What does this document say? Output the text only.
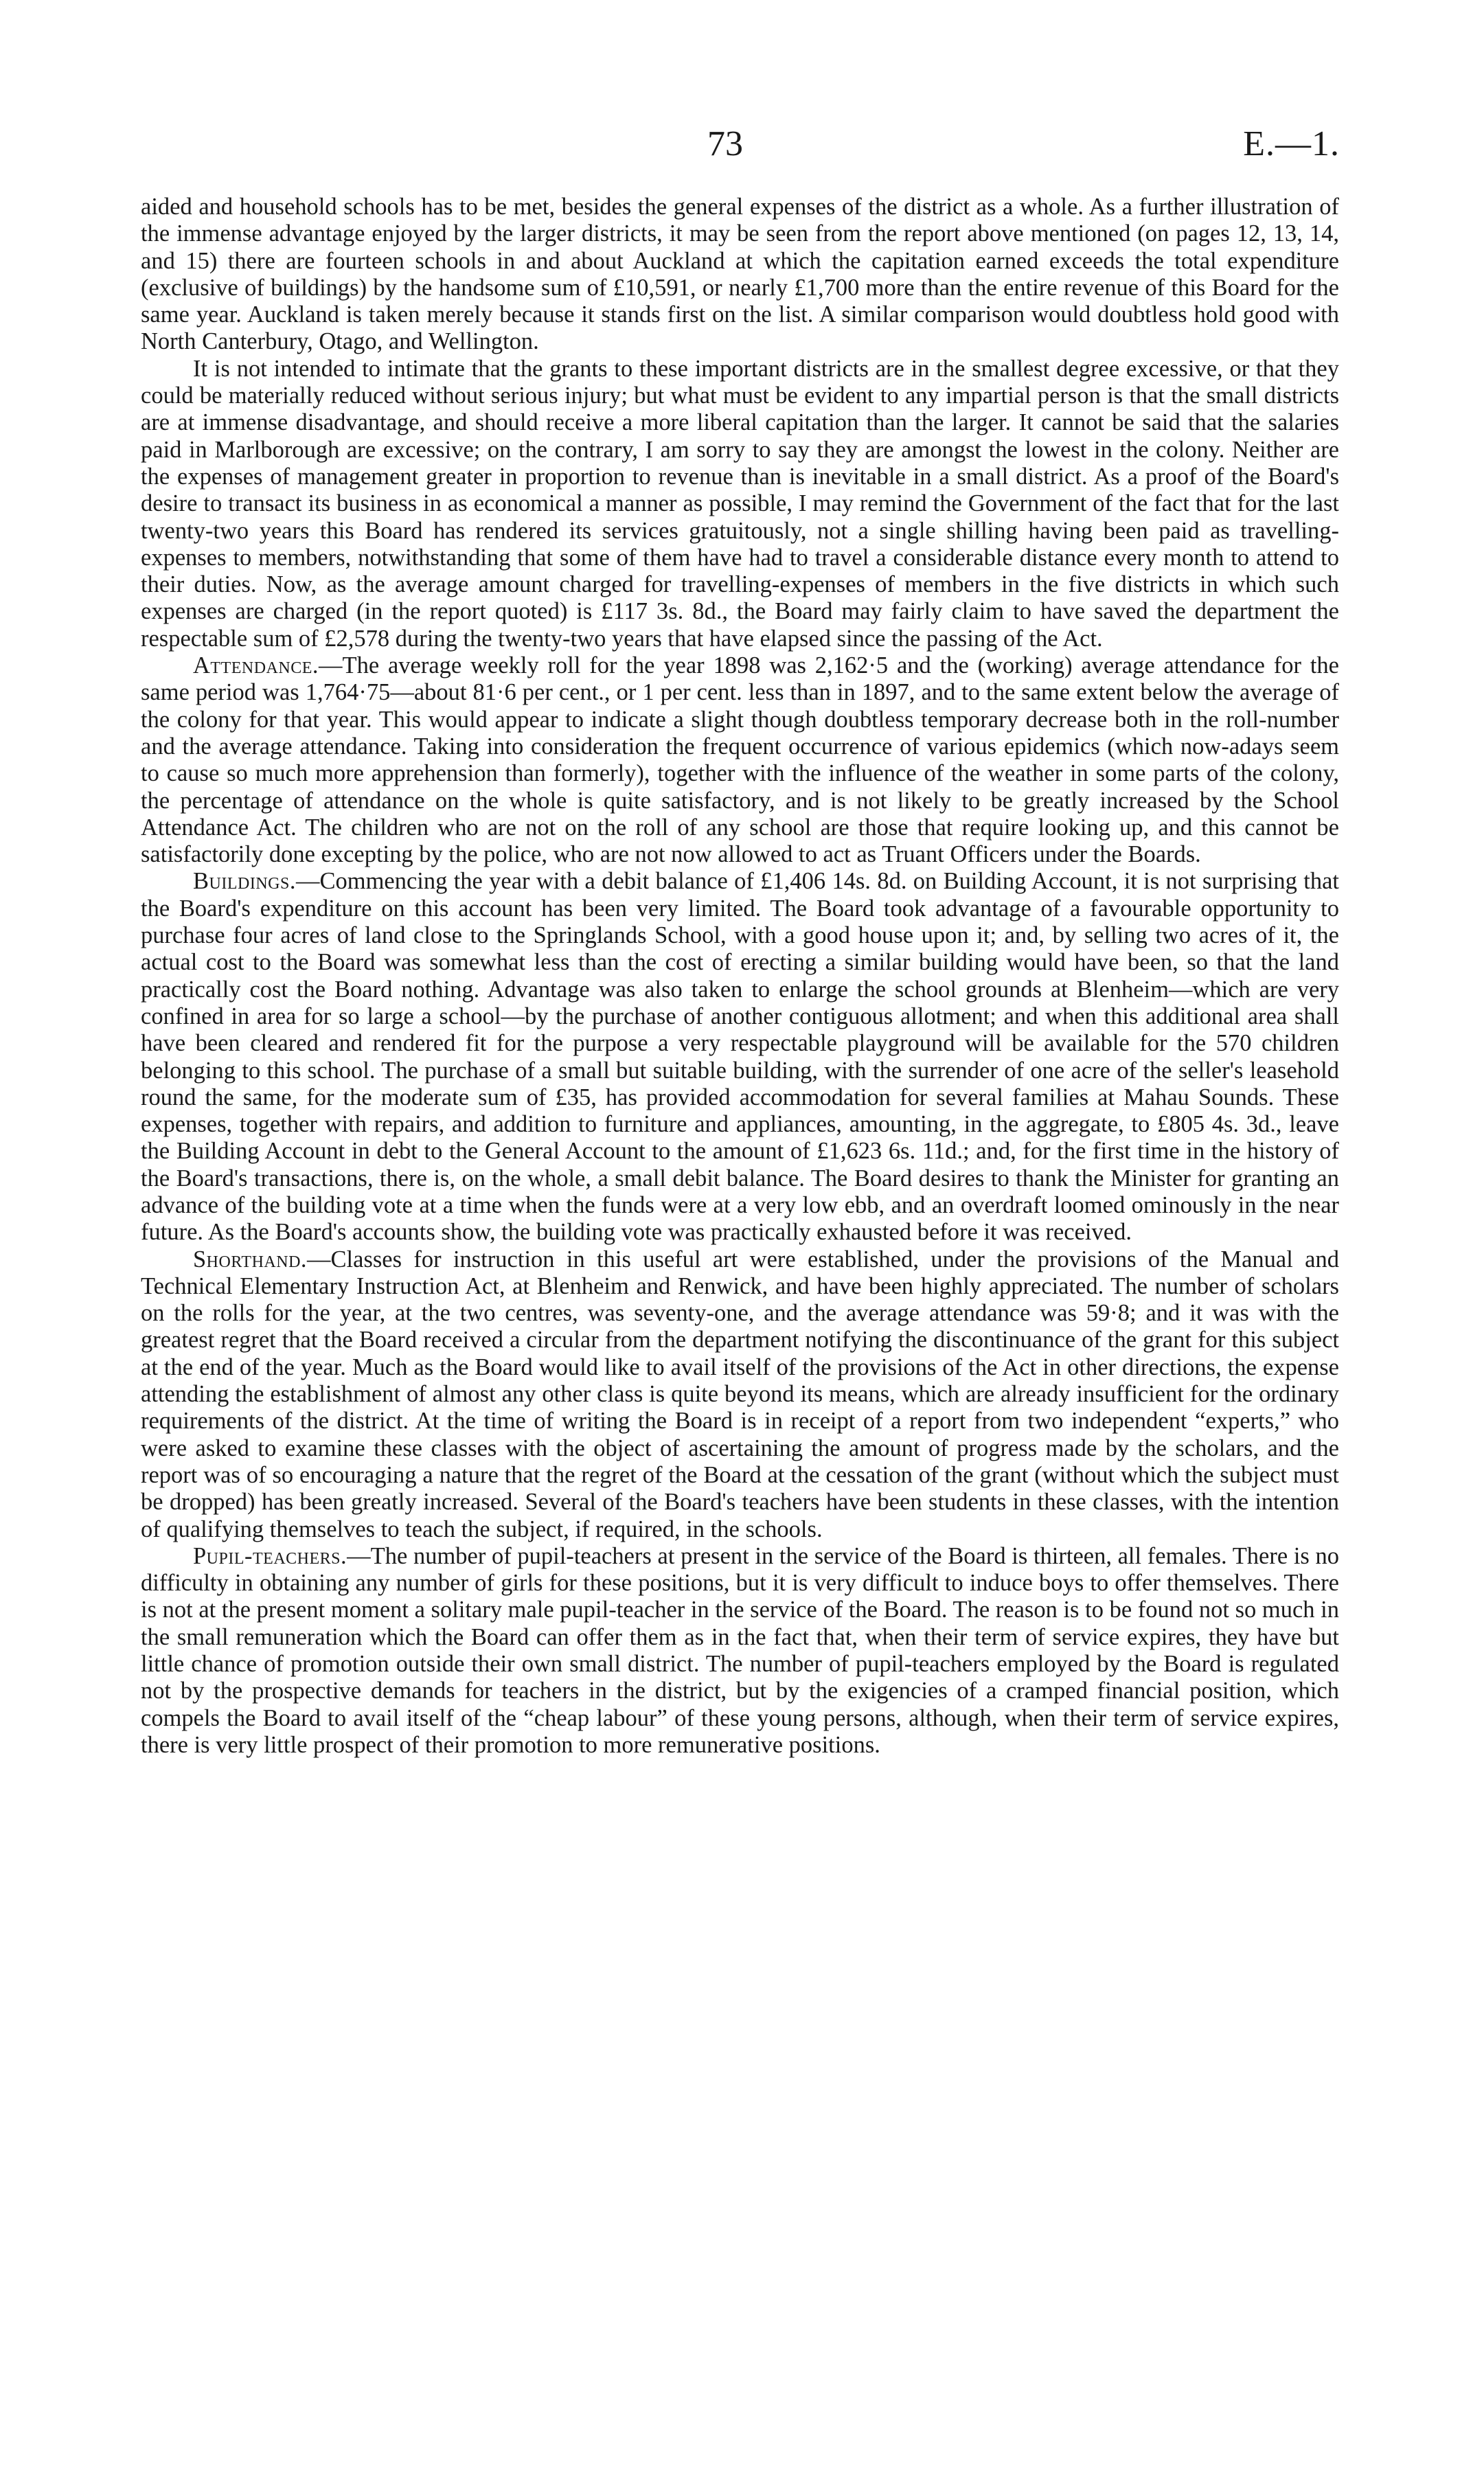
73	E.—1.

aided and household schools has to be met, besides the general expenses of the district as a whole. As a further illustration of the immense advantage enjoyed by the larger districts, it may be seen from the report above mentioned (on pages 12, 13, 14, and 15) there are fourteen schools in and about Auckland at which the capitation earned exceeds the total expenditure (exclusive of buildings) by the handsome sum of £10,591, or nearly £1,700 more than the entire revenue of this Board for the same year. Auckland is taken merely because it stands first on the list. A similar comparison would doubtless hold good with North Canterbury, Otago, and Wellington.

It is not intended to intimate that the grants to these important districts are in the smallest degree excessive, or that they could be materially reduced without serious injury; but what must be evident to any impartial person is that the small districts are at immense disadvantage, and should receive a more liberal capitation than the larger. It cannot be said that the salaries paid in Marlborough are excessive; on the contrary, I am sorry to say they are amongst the lowest in the colony. Neither are the expenses of management greater in proportion to revenue than is inevitable in a small district. As a proof of the Board's desire to transact its business in as economical a manner as possible, I may remind the Government of the fact that for the last twenty-two years this Board has rendered its services gratuitously, not a single shilling having been paid as travelling-expenses to members, notwithstanding that some of them have had to travel a considerable distance every month to attend to their duties. Now, as the average amount charged for travelling-expenses of members in the five districts in which such expenses are charged (in the report quoted) is £117 3s. 8d., the Board may fairly claim to have saved the department the respectable sum of £2,578 during the twenty-two years that have elapsed since the passing of the Act.

Attendance.—The average weekly roll for the year 1898 was 2,162·5 and the (working) average attendance for the same period was 1,764·75—about 81·6 per cent., or 1 per cent. less than in 1897, and to the same extent below the average of the colony for that year. This would appear to indicate a slight though doubtless temporary decrease both in the roll-number and the average attendance. Taking into consideration the frequent occurrence of various epidemics (which now-adays seem to cause so much more apprehension than formerly), together with the influence of the weather in some parts of the colony, the percentage of attendance on the whole is quite satisfactory, and is not likely to be greatly increased by the School Attendance Act. The children who are not on the roll of any school are those that require looking up, and this cannot be satisfactorily done excepting by the police, who are not now allowed to act as Truant Officers under the Boards.

Buildings.—Commencing the year with a debit balance of £1,406 14s. 8d. on Building Account, it is not surprising that the Board's expenditure on this account has been very limited. The Board took advantage of a favourable opportunity to purchase four acres of land close to the Springlands School, with a good house upon it; and, by selling two acres of it, the actual cost to the Board was somewhat less than the cost of erecting a similar building would have been, so that the land practically cost the Board nothing. Advantage was also taken to enlarge the school grounds at Blenheim—which are very confined in area for so large a school—by the purchase of another contiguous allotment; and when this additional area shall have been cleared and rendered fit for the purpose a very respectable playground will be available for the 570 children belonging to this school. The purchase of a small but suitable building, with the surrender of one acre of the seller's leasehold round the same, for the moderate sum of £35, has provided accommodation for several families at Mahau Sounds. These expenses, together with repairs, and addition to furniture and appliances, amounting, in the aggregate, to £805 4s. 3d., leave the Building Account in debt to the General Account to the amount of £1,623 6s. 11d.; and, for the first time in the history of the Board's transactions, there is, on the whole, a small debit balance. The Board desires to thank the Minister for granting an advance of the building vote at a time when the funds were at a very low ebb, and an overdraft loomed ominously in the near future. As the Board's accounts show, the building vote was practically exhausted before it was received.

Shorthand.—Classes for instruction in this useful art were established, under the provisions of the Manual and Technical Elementary Instruction Act, at Blenheim and Renwick, and have been highly appreciated. The number of scholars on the rolls for the year, at the two centres, was seventy-one, and the average attendance was 59·8; and it was with the greatest regret that the Board received a circular from the department notifying the discontinuance of the grant for this subject at the end of the year. Much as the Board would like to avail itself of the provisions of the Act in other directions, the expense attending the establishment of almost any other class is quite beyond its means, which are already insufficient for the ordinary requirements of the district. At the time of writing the Board is in receipt of a report from two independent “experts,” who were asked to examine these classes with the object of ascertaining the amount of progress made by the scholars, and the report was of so encouraging a nature that the regret of the Board at the cessation of the grant (without which the subject must be dropped) has been greatly increased. Several of the Board's teachers have been students in these classes, with the intention of qualifying themselves to teach the subject, if required, in the schools.

Pupil-teachers.—The number of pupil-teachers at present in the service of the Board is thirteen, all females. There is no difficulty in obtaining any number of girls for these positions, but it is very difficult to induce boys to offer themselves. There is not at the present moment a solitary male pupil-teacher in the service of the Board. The reason is to be found not so much in the small remuneration which the Board can offer them as in the fact that, when their term of service expires, they have but little chance of promotion outside their own small district. The number of pupil-teachers employed by the Board is regulated not by the prospective demands for teachers in the district, but by the exigencies of a cramped financial position, which compels the Board to avail itself of the “cheap labour” of these young persons, although, when their term of service expires, there is very little prospect of their promotion to more remunerative positions.
